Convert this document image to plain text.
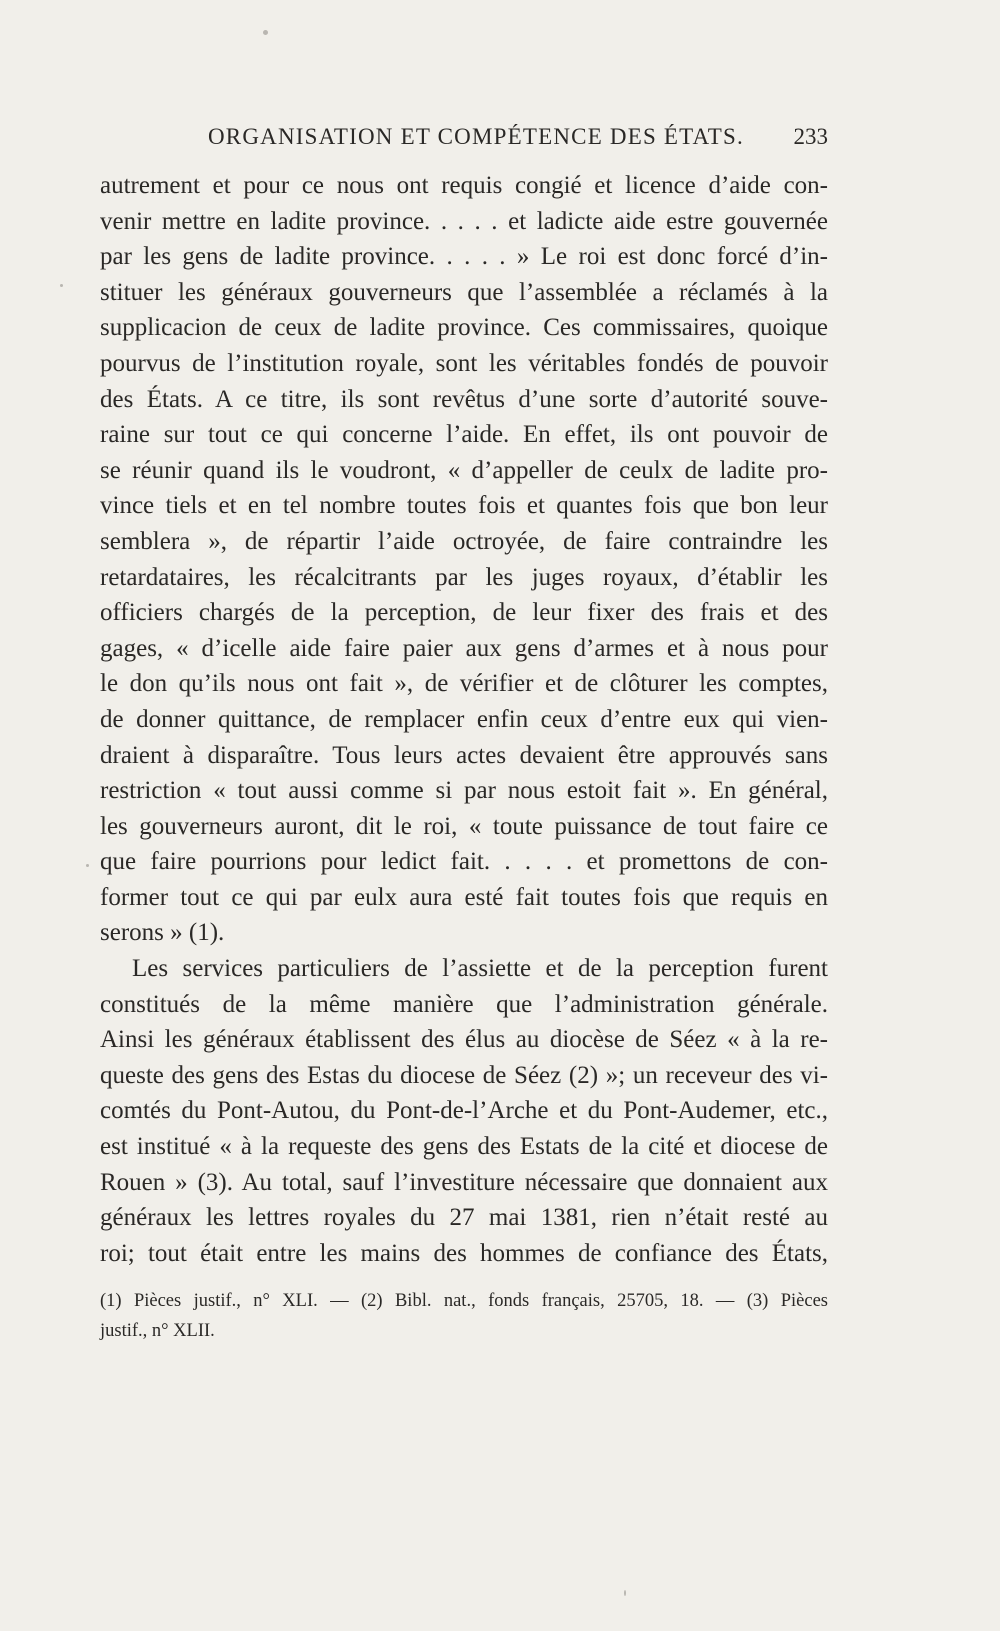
ORGANISATION ET COMPÉTENCE DES ÉTATS. 233
autrement et pour ce nous ont requis congié et licence d’aide con-
venir mettre en ladite province. . . . . et ladicte aide estre gouvernée
par les gens de ladite province. . . . . » Le roi est donc forcé d’in-
stituer les généraux gouverneurs que l’assemblée a réclamés à la
supplicacion de ceux de ladite province. Ces commissaires, quoique
pourvus de l’institution royale, sont les véritables fondés de pouvoir
des États. A ce titre, ils sont revêtus d’une sorte d’autorité souve-
raine sur tout ce qui concerne l’aide. En effet, ils ont pouvoir de
se réunir quand ils le voudront, « d’appeller de ceulx de ladite pro-
vince tiels et en tel nombre toutes fois et quantes fois que bon leur
semblera », de répartir l’aide octroyée, de faire contraindre les
retardataires, les récalcitrants par les juges royaux, d’établir les
officiers chargés de la perception, de leur fixer des frais et des
gages, « d’icelle aide faire paier aux gens d’armes et à nous pour
le don qu’ils nous ont fait », de vérifier et de clôturer les comptes,
de donner quittance, de remplacer enfin ceux d’entre eux qui vien-
draient à disparaître. Tous leurs actes devaient être approuvés sans
restriction « tout aussi comme si par nous estoit fait ». En général,
les gouverneurs auront, dit le roi, « toute puissance de tout faire ce
que faire pourrions pour ledict fait. . . . . et promettons de con-
former tout ce qui par eulx aura esté fait toutes fois que requis en
serons » (1).
Les services particuliers de l’assiette et de la perception furent
constitués de la même manière que l’administration générale.
Ainsi les généraux établissent des élus au diocèse de Séez « à la re-
queste des gens des Estas du diocese de Séez (2) »; un receveur des vi-
comtés du Pont-Autou, du Pont-de-l’Arche et du Pont-Audemer, etc.,
est institué « à la requeste des gens des Estats de la cité et diocese de
Rouen » (3). Au total, sauf l’investiture nécessaire que donnaient aux
généraux les lettres royales du 27 mai 1381, rien n’était resté au
roi; tout était entre les mains des hommes de confiance des États,
(1) Pièces justif., n° XLI. — (2) Bibl. nat., fonds français, 25705, 18. — (3) Pièces
justif., n° XLII.
